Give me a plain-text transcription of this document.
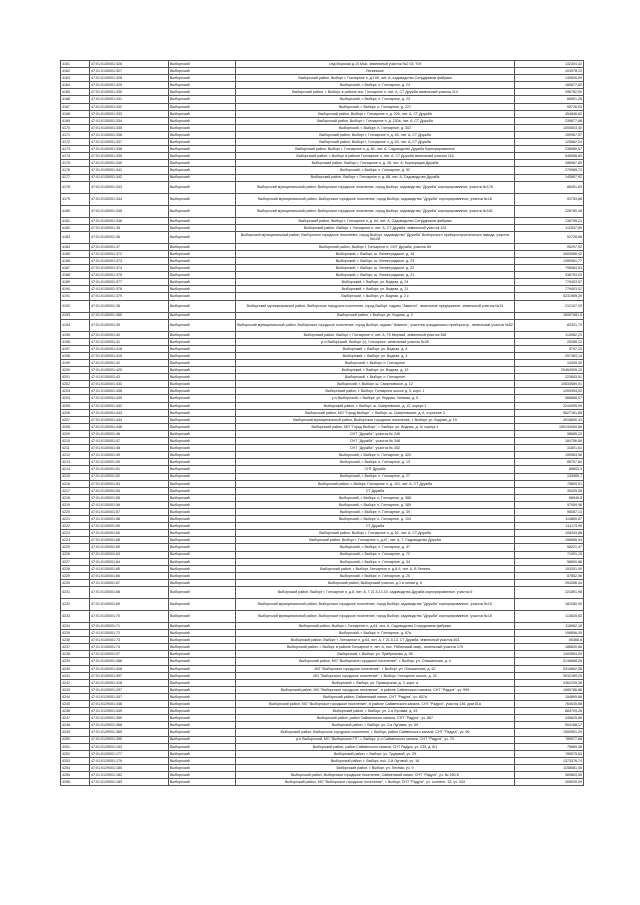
4161	47:01:0130001:326	Выборгский	с.вд Морская д.10 Мыс, земельный участок №2 03, 709	132304,42
4162	47:01:0130001:327	Выборгский	Ленинское	103978,12
4163	47:01:0130001:328	Выборгский	Выборгский район, Выборг г, Гончарное п, д.106, лит. А, садоводство Сотрудников фабрики	149526,09
4164	47:01:0130001:329	Выборгский	Выборгский, г. Выборг, п. Гончарное, д. 24	185877,82
4165	47:01:0130001:330	Выборгский	Выборгский район, г. Выборг, в районе пос. Гончарное п, лит. А, СТ Дружба земельный участок 114	296782,90
4166	47:01:0130001:331	Выборгский	Выборгский, г. Выборг, п. Гончарное, д. 23	66991,28
4167	47:01:0130001:332	Выборгский	Выборгский, г. Выборг, п. Гончарное, д. 221	95726,93
4168	47:01:0130001:333	Выборгский	Выборгский район, Выборг г, Гончарное п, д. 226, лит. А, СТ Дружба	454846,82
4169	47:01:0130001:334	Выборгский	Выборгский район, Выборг г, Гончарное п, д. 230а, лит. А, СТ Дружба	235877,98
4170	47:01:0130001:335	Выборгский	Выборгский, г. Выборг, п. Гончарное, д. 302	1005503,40
4171	47:01:0130001:336	Выборгский	Выборгский район, Выборг г, Гончарное п, д. 63, лит. А, СТ Дружба	159967,57
4172	47:01:0130001:337	Выборгский	Выборгский район, Выборг г, Гончарное п, д. 53, лит. А, СТ Дружба	125562,24
4173	47:01:0130001:338	Выборгский	Выборгский район, Выборг г, Гончарное п, д. 84, лит. А, Садоводство Дружба Корпорированное	238980,57
4174	47:01:0130001:339	Выборгский	Выборгский район, г. Выборг в районе Гончарное п, лит. А, СТ Дружба земельный участок 116	548988,80
4175	47:01:0130001:340	Выборгский	Выборгский район, Выборг г, Гончарное п, д. 28, лит. А, Корпорация Дружба	286987,80
4176	47:01:0130001:341	Выборгский	Выборгский, г. Выборг, п. Гончарное, д. 52	279965,72
4177	47:01:0130001:342	Выборгский	Выборгский район, Выборг г, Гончарное п, д. 88, лит. А, Садоводство Дружба	145897,92
4178	47:01:0130001:343	Выборгский	Выборгский муниципальный район, Выборгское городское поселение, город Выборг, садоводство "Дружба" корпорированное, участок №176	88451,83
4179	47:01:0130001:344	Выборгский	Выборгский муниципальный район, Выборгское городское поселение, город Выборг, садоводство "Дружба" корпорированное, участок №18	93753,88
4180	47:01:0130001:345	Выборгский	Выборгский муниципальный район, Выборгское городское поселение, город Выборг, садоводство "Дружба" корпорированное, участок №181	226780,48
4181	47:01:0130001:346	Выборгский	Выборгский район, Выборг г, Гончарное п, д. 64, лит. А, Садоводство Сотрудников фабрики	136795,21
4182	47:01:0130001:35	Выборгский	Выборгский район, Выборг г, Гончарное п, лит. А, СТ Дружба, земельный участок 123	112537,89
4183	47:01:0130001:36	Выборгский	Выборгский муниципальный район, Выборгское городское поселение, город Выборг, садоводство "Дружба" Выборгского приборостроительного завода, участок №128	51728,68
4184	47:01:0130001:37	Выборгский	Выборгский район, Выборг г, Гончарное п, СНТ Дружба, участок 89	95297,92
4185	47:01:0130001:372	Выборгский	Выборгский, г. Выборг, ш. Ленинградское, д. 16	4083966,42
4186	47:01:0130001:373	Выборгский	Выборгский, г. Выборг, ш. Ленинградское, д. 23	1359961,77
4187	47:01:0130001:374	Выборгский	Выборгский, г. Выборг, ш. Ленинградское, д. 22	796584,53
4188	47:01:0130001:375	Выборгский	Выборгский, г. Выборг, ш. Ленинградское, д. 21	338793,03
4189	47:01:0130001:377	Выборгский	Выборгский, г. Выборг, ул. Водная, д. 24	779403,57
4190	47:01:0130001:378	Выборгский	Выборгский, г. Выборг, ул. Водная, д. 21	779403,57
4191	47:01:0130001:379	Выборгский	Выборгский, г. Выборг, ул. Водная, д. 2 к	5231989,29
4192	47:01:0130001:38	Выборгский	Выборгский муниципальный район, Выборгское городское поселение, город Выборг, садово "Акватон", земельное предприятие, земельный участок №31	212107,93
4193	47:01:0130001:380	Выборгский	Выборгский район, г. Выборг, ул. Водная, д. 2	16997681,8
4194	47:01:0130001:39	Выборгский	Выборгский муниципальный район, Выборгское городское поселение, город Выборг, садово "Акватон", участник гражданского приборостр., земельный участок №52	83321,79
4195	47:01:0130001:40	Выборгский	Выборгский район, Выборг г, Гончарное п, лит. А, ГК Мирный, земельный участок 356	113082,23
4196	47:01:0130001:41	Выборгский	р-н Выборгский, Выборг (г), Гончарное, земельный участок №36	25285,12
4197	47:01:0130001:418	Выборгский	Выборгский, г. Выборг, ул. Водная, д. 8	5797,13
4198	47:01:0130001:419	Выборгский	Выборгский, г. Выборг, ул. Водная, д. 3	257383,14
4199	47:01:0130001:42	Выборгский	Выборгский, г. Выборг, п. Гончарное	10439,30
4200	47:01:0130001:420	Выборгский	Выборгский, г. Выборг, ул. Водная, д. 19	20464905,10
4201	47:01:0130001:43	Выборгский	Выборгский, г. Выборг, п. Гончарное	223843,51
4202	47:01:0130001:433	Выборгский	Выборгский, г. Выборг, ш. Смирновское, д. 12	10833569,01
4203	47:01:0130001:436	Выборгский	Выборгский район, г. Выборг, Гончарное шоссе д. 5, корп. 1	1209354,02
4204	47:01:0130001:439	Выборгский	р-н Выборгский, г. Выборг, ул. Водная, Занская, д. 5	568888,07
4205	47:01:0130001:442	Выборгский	Выборгский район, г. Выборг, ш. Смирновское, д. 12, корпус 1	2244995,99
4206	47:01:0130001:443	Выборгский	Выборгский район, МО "Город Выборг", г. Выборг, ш. Смирновское, д. 6, строение 3	5627181,68
4207	47:01:0130001:444	Выборгский	Выборгский муниципальный район, Выборгское городское поселение, г. Выборг, ул. Водная, д. 19	4916890,43
4208	47:01:0130001:446	Выборгский	Выборгский район, МО "Город Выборг", г. Выборг, ул. Водная, д. 3г, корпус 1	150134060,66
4209	47:01:0130001:46	Выборгский	СНТ "Дружба", участок № 246	98685,23
4210	47:01:0130001:47	Выборгский	СНТ "Дружба", участок № 348	184756,89
4211	47:01:0130001:48	Выборгский	СНТ "Дружба", участок № 352	31801,61
4212	47:01:0130001:49	Выборгский	Выборгский, г. Выборг, п. Гончарное, д. 320	159563,56
4213	47:01:0130001:50	Выборгский	Выборгский, г. Выборг, п. Гончарное, д. 13	85707,84
4214	47:01:0130001:51	Выборгский	СНТ Дружба	68803,3
4215	47:01:0130001:52	Выборгский	Выборгский, г. Выборг, п. Гончарное, д. 27	133989,7
4216	47:01:0130001:53	Выборгский	Выборгский район, г. Выборг, Гончарное п, д. 101, лит. А, СТ Дружба	75809,01
4217	47:01:0130001:54	Выборгский	СТ Дружба	39425,08
4218	47:01:0130001:55	Выборгский	Выборгский, г. Выборг, п. Гончарное, д. 388	68946,8
4219	47:01:0130001:56	Выборгский	Выборгский, г. Выборг, п. Гончарное, д. 389	97559,96
4220	47:01:0130001:57	Выборгский	Выборгский, г. Выборг, п. Гончарное, д. 39	96087,13
4221	47:01:0130001:58	Выборгский	Выборгский, г. Выборг, п. Гончарное, д. 104	114869,67
4222	47:01:0130001:59	Выборгский	СТ Дружба	141173,95
4223	47:01:0130001:60	Выборгский	Выборгский район, Выборг г, Гончарное п, д. 62, лит. А, СТ Дружба	108343,86
4224	47:01:0130001:68	Выборгский	Выборгский район, Выборг г, Гончарное п, д.47, лит. А, Т. Садоводство Дружба	156685,94
4225	47:01:0130001:69	Выборгский	Выборгский, г. Выборг, п. Гончарное, д. 47	58221,47
4226	47:01:0130001:63	Выборгский	Выборгский, г. Выборг, п. Гончарное, д. 72	71391,15
4227	47:01:0130001:64	Выборгский	Выборгский, г. Выборг, п. Гончарное, д. 34	58800,86
4228	47:01:0130001:65	Выборгский	Выборгский район, г. Выборг, Гончарное п, д.8-9, лит. А, В Ленина	153301,09
4229	47:01:0130001:66	Выборгский	Выборгский, г. Выборг, п. Гончарное, д. 25	87852,56
4230	47:01:0130001:67	Выборгский	Выборгский район, Выборгский участок, д.1 в линии д. 6	254286,44
4231	47:01:0130001:68	Выборгский	Выборгский район, Выборг г, Гончарное п, д.8, лит. А, Г 21,5,13,15, садоводство Дружба корпорированное, участок 5	221891,98
4232	47:01:0130001:69	Выборгский	Выборгский муниципальный район, Выборгское городское поселение, город Выборг, садоводство "Дружба" корпорированное, участок №15	183280,90
4233	47:01:0130001:70	Выборгский	Выборгский муниципальный район, Выборгское городское поселение, город Выборг, садоводство "Дружба" корпорированное, участок №16	113825,83
4234	47:01:0130001:71	Выборгский	Выборгский район, Выборг г, Гончарное п, д.64, лит. А, Садоводство Сотрудников фабрики	118962,16
4235	47:01:0130001:72	Выборгский	Выборгский, г. Выборг, п. Гончарное, д. 67а	198896,05
4236	47:01:0130001:73	Выборгский	Выборгский район, Выборг г, Гончарное п, д.64, лит. А, Г 21,5,13, СТ Дружба, земельный участок 403	65368,8
4237	47:01:0130001:74	Выборгский	Выборгский район, г. Выборг в районе Гончарное п, лит. А, пос. Рябиновый квар., земельный участок 175	186830,68
4238	47:01:0130001:97	Выборгский	Выборгский, г. Выборг, ул. Прибрежная, д. 58	1493594,05
4239	47:01:0130001:386	Выборгский	Выборгский район, МО "Выборгское городское поселение", г. Выборг, ул. Ольшанская, д. 4	5136668,28
4240	47:01:0130001:408	Выборгский	МО "Выборгское городское поселение", г. Выборг, ул. Ольшанская, д. 62	5316862,58
4241	47:01:0130001:397	Выборгский	МО "Выборгское городское поселение", г. Выборг, Гончарное шоссе, д. 32	3032189,29
4242	47:01:0130001:318	Выборгский	Выборгский, г. Выборг, ул. Приморская, д. 3, корп. а	3362209,36
4243	47:01:0129001:297	Выборгский	Выборгский район, МО "Выборгское городское поселение", в районе Сайменского канала, СНТ "Радуга", уч. 999	1689786,86
4244	47:01:0129001:347	Выборгский	Выборгский район, Сайменский канал, СНТ "Радуга", уч. 807а	154895,66
4245	47:01:0129001:348	Выборгский	Выборгский район, МО "Выборгское городское поселение", в районе Сайменского канала, СНТ "Радуга", участок 136, дом 81а	764535,88
4246	47:01:0129001:349	Выборгский	Выборгский район, г. Выборг, ул. 2-я Луговая, д. 43	884709,28
4247	47:01:0129001:350	Выборгский	Выборгский район, район Сайменского канала, СНТ "Радуга", уч. 867	345625,86
4248	47:01:0129001:368	Выборгский	Выборгский район, г. Выборг, ул. 2-я Луговая, уч. 49	554188,17
4249	47:01:0129001:369	Выборгский	Выборгский район, Выборгское городское поселение, г. Выборг, район Сайменского канала, СНТ "Радуга", уч. 96	1550991,29
4250	47:01:0129001:390	Выборгский	р-н Выборгский, МО "Выборгское ГП", г. Выборг, р-н Сайменского канала, СНТ "Радуга", уч. 70	789977,86
4251	47:01:0129001:153	Выборгский	Выборгский район, район Сайменского канала, СНТ Радуга, уч. 235, д. 6/1	75889,48
4252	47:01:0129001:177	Выборгский	Выборгский район, г. Выборг, уч. Трудовой, уч. 29	789575,63
4253	47:01:0129001:179	Выборгский	Выборгский район, г. Выборг, пос. 2-й Луговой, уч. 18	1373376,74
4254	47:01:0129001:180	Выборгский	Выборгский район, г. Выборг, ул. Лесная, уч. 9	1158581,05
4255	47:01:0129001:182	Выборгский	Выборгский район, Выборгское городское поселение, Сайменский канал, СНТ "Радуга", уч. № 250 Б	369853,55
4256	47:01:0129001:183	Выборгский	Выборгский район, МО "Выборгское городское поселение", г. Выборг, СНТ "Радуга", уч. солнечн. 33, уч. 334	308939,09
